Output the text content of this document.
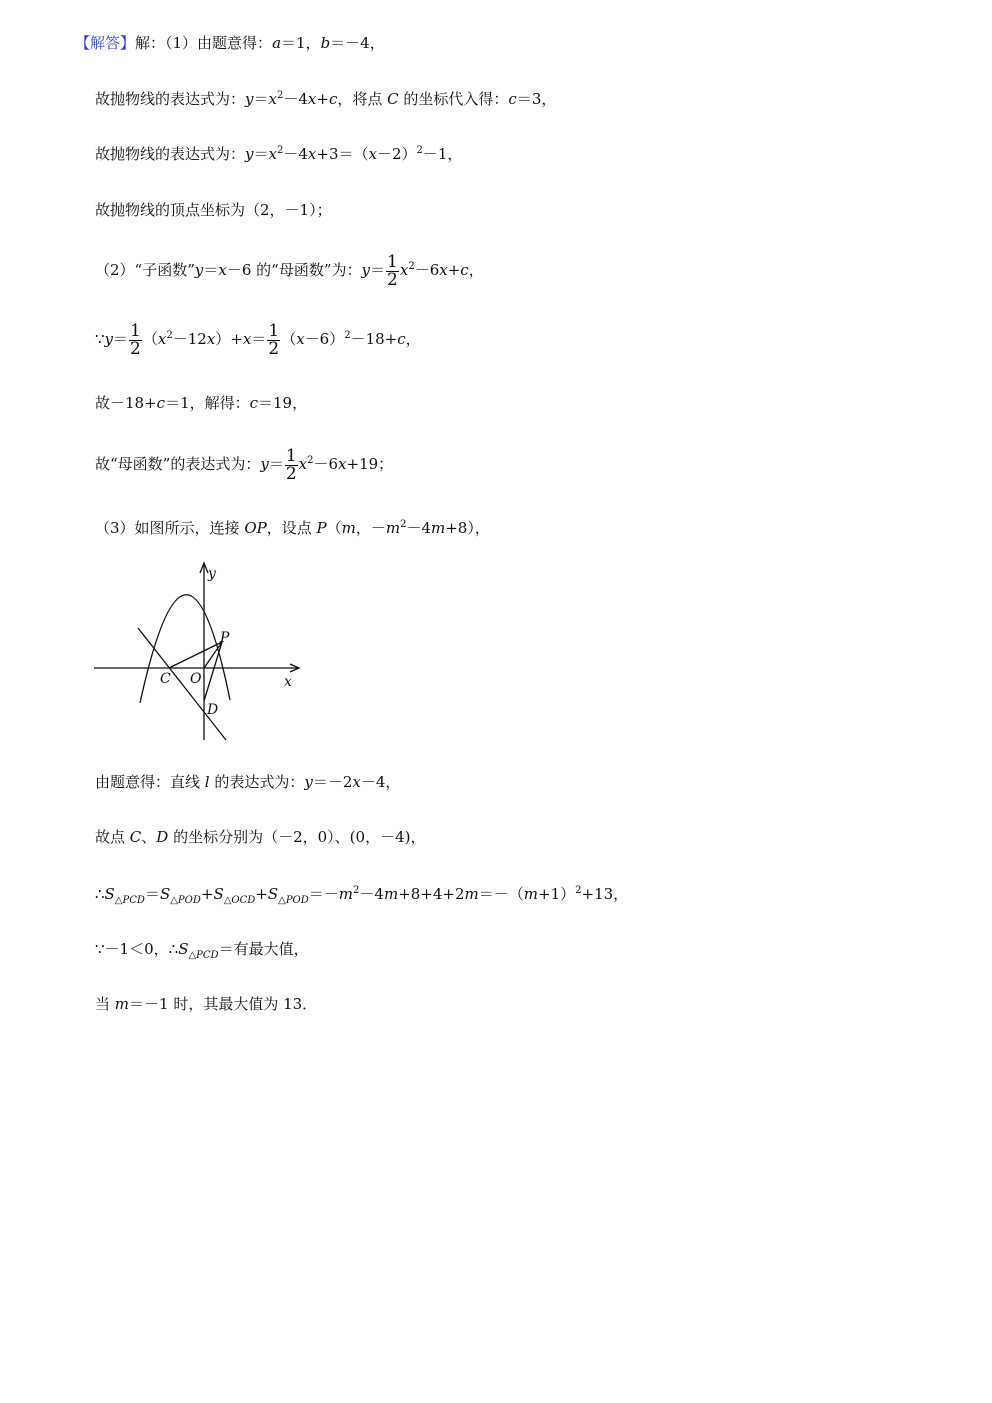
【解答】解：（1）由题意得：a＝1，b＝－4，
故抛物线的表达式为：$y=x^2-4x+c$，将点 C 的坐标代入得：c＝3，
故抛物线的表达式为：$y=x^2-4x+3=(x-2)^2-1$，
故抛物线的顶点坐标为（2，－1）；
（2）“子函数”y＝x－6 的“母函数”为：$y= \frac{1}{2} x^2-6x+c$，
∵y＝ $\frac{1}{2} (x^2-12x)+x= \frac{1}{2} (x-6)^2-18+c$，
故－18+c＝1，解得：c＝19，
故“母函数”的表达式为：$y= \frac{1}{2} x^2-6x+19$；
（3）如图所示，连接 OP，设点 P（m，$-m^2-4m+8$），
y
x
P
C O
D
由题意得：直线 l 的表达式为：y＝－2x－4，
故点 C、D 的坐标分别为（－2，0）、(0，－4)，
$\therefore S_{\triangle PCD}=S_{\triangle POD}+S_{\triangle OCD}+S_{\triangle POD}=-m^2-4m+8+4+2m=-(m+1)^2+13$，
∵－1＜0，$\therefore S_{\triangle PCD}=$有最大值，
当 m＝－1 时，其最大值为 13．
